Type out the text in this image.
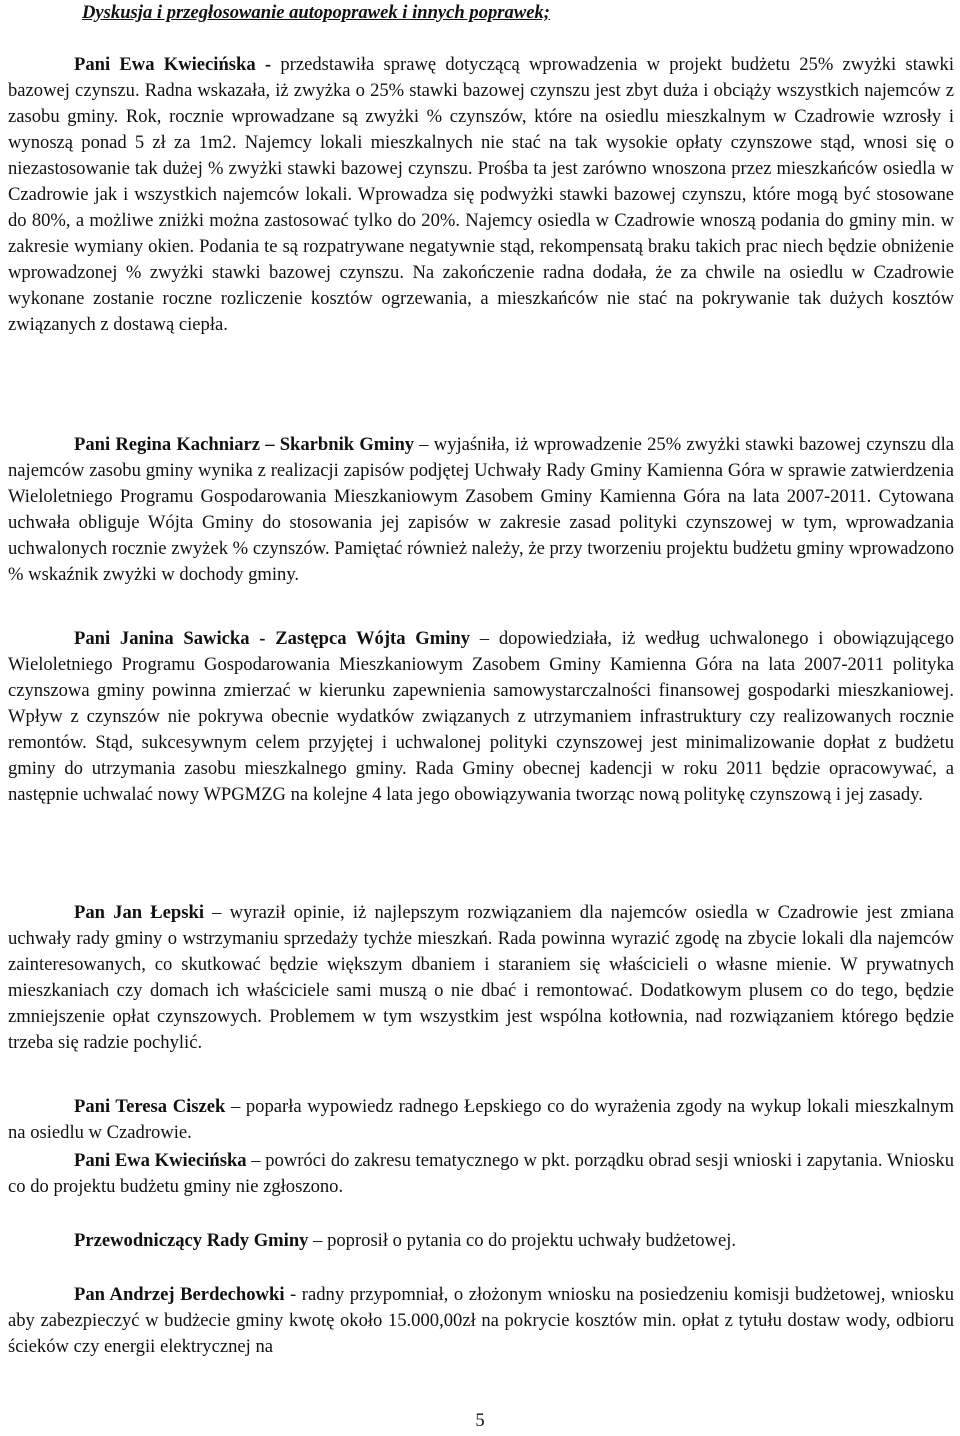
Dyskusja i przegłosowanie autopoprawek i innych poprawek;
Pani Ewa Kwiecińska - przedstawiła sprawę dotyczącą wprowadzenia w projekt budżetu 25% zwyżki stawki bazowej czynszu. Radna wskazała, iż zwyżka o 25% stawki bazowej czynszu jest zbyt duża i obciąży wszystkich najemców z zasobu gminy. Rok, rocznie wprowadzane są zwyżki % czynszów, które na osiedlu mieszkalnym w Czadrowie wzrosły i wynoszą ponad 5 zł za 1m2. Najemcy lokali mieszkalnych nie stać na tak wysokie opłaty czynszowe stąd, wnosi się o niezastosowanie tak dużej % zwyżki stawki bazowej czynszu. Prośba ta jest zarówno wnoszona przez mieszkańców osiedla w Czadrowie jak i wszystkich najemców lokali. Wprowadza się podwyżki stawki bazowej czynszu, które mogą być stosowane do 80%, a możliwe zniżki można zastosować tylko do 20%. Najemcy osiedla w Czadrowie wnoszą podania do gminy min. w zakresie wymiany okien. Podania te są rozpatrywane negatywnie stąd, rekompensatą braku takich prac niech będzie obniżenie wprowadzonej % zwyżki stawki bazowej czynszu. Na zakończenie radna dodała, że za chwile na osiedlu w Czadrowie wykonane zostanie roczne rozliczenie kosztów ogrzewania, a mieszkańców nie stać na pokrywanie tak dużych kosztów związanych z dostawą ciepła.
Pani Regina Kachniarz – Skarbnik Gminy – wyjaśniła, iż wprowadzenie 25% zwyżki stawki bazowej czynszu dla najemców zasobu gminy wynika z realizacji zapisów podjętej Uchwały Rady Gminy Kamienna Góra w sprawie zatwierdzenia Wieloletniego Programu Gospodarowania Mieszkaniowym Zasobem Gminy Kamienna Góra na lata 2007-2011. Cytowana uchwała obliguje Wójta Gminy do stosowania jej zapisów w zakresie zasad polityki czynszowej w tym, wprowadzania uchwalonych rocznie zwyżek % czynszów. Pamiętać również należy, że przy tworzeniu projektu budżetu gminy wprowadzono % wskaźnik zwyżki w dochody gminy.
Pani Janina Sawicka - Zastępca Wójta Gminy – dopowiedziała, iż według uchwalonego i obowiązującego Wieloletniego Programu Gospodarowania Mieszkaniowym Zasobem Gminy Kamienna Góra na lata 2007-2011 polityka czynszowa gminy powinna zmierzać w kierunku zapewnienia samowystarczalności finansowej gospodarki mieszkaniowej. Wpływ z czynszów nie pokrywa obecnie wydatków związanych z utrzymaniem infrastruktury czy realizowanych rocznie remontów. Stąd, sukcesywnym celem przyjętej i uchwalonej polityki czynszowej jest minimalizowanie dopłat z budżetu gminy do utrzymania zasobu mieszkalnego gminy. Rada Gminy obecnej kadencji w roku 2011 będzie opracowywać, a następnie uchwalać nowy WPGMZG na kolejne 4 lata jego obowiązywania tworząc nową politykę czynszową i jej zasady.
Pan Jan Łepski – wyraził opinie, iż najlepszym rozwiązaniem dla najemców osiedla w Czadrowie jest zmiana uchwały rady gminy o wstrzymaniu sprzedaży tychże mieszkań. Rada powinna wyrazić zgodę na zbycie lokali dla najemców zainteresowanych, co skutkować będzie większym dbaniem i staraniem się właścicieli o własne mienie. W prywatnych mieszkaniach czy domach ich właściciele sami muszą o nie dbać i remontować. Dodatkowym plusem co do tego, będzie zmniejszenie opłat czynszowych. Problemem w tym wszystkim jest wspólna kotłownia, nad rozwiązaniem którego będzie trzeba się radzie pochylić.
Pani Teresa Ciszek – poparła wypowiedz radnego Łepskiego co do wyrażenia zgody na wykup lokali mieszkalnym na osiedlu w Czadrowie.
Pani Ewa Kwiecińska – powróci do zakresu tematycznego w pkt. porządku obrad sesji wnioski i zapytania. Wniosku co do projektu budżetu gminy nie zgłoszono.
Przewodniczący Rady Gminy – poprosił o pytania co do projektu uchwały budżetowej.
Pan Andrzej Berdechowki - radny przypomniał, o złożonym wniosku na posiedzeniu komisji budżetowej, wniosku aby zabezpieczyć w budżecie gminy kwotę około 15.000,00zł na pokrycie kosztów min. opłat z tytułu dostaw wody, odbioru ścieków czy energii elektrycznej na
5
